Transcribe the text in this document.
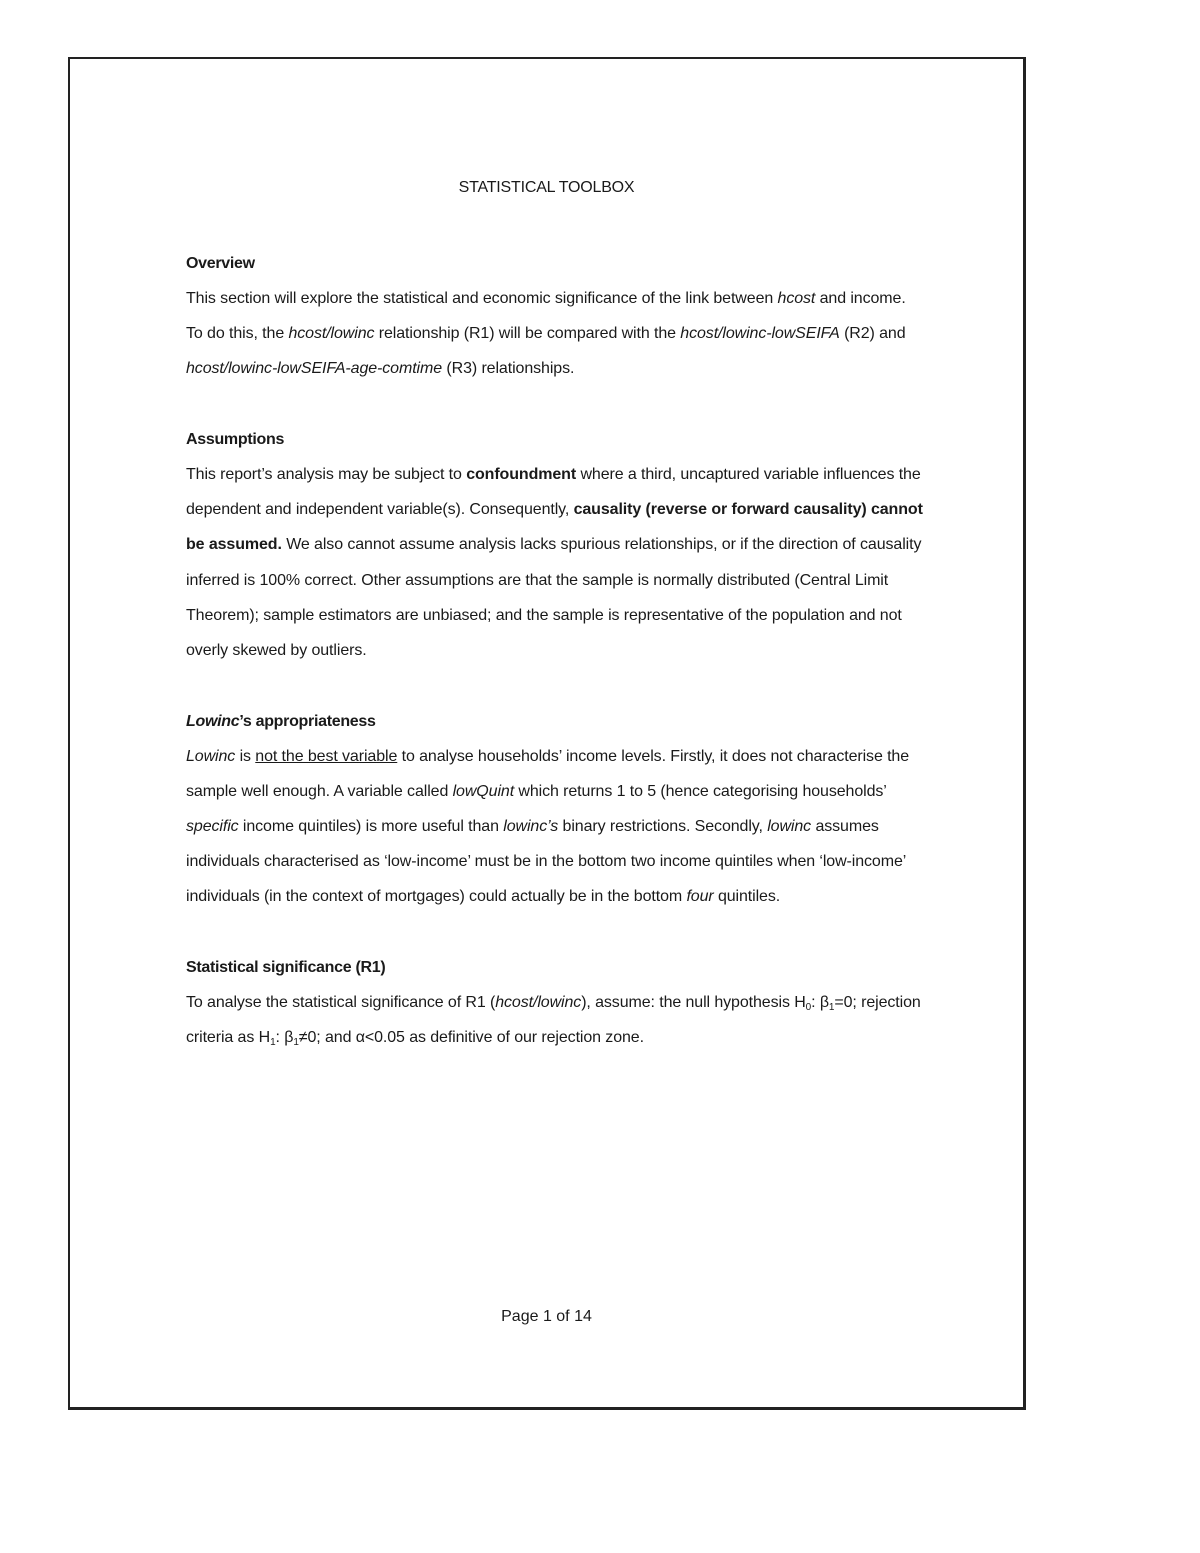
STATISTICAL TOOLBOX
Overview
This section will explore the statistical and economic significance of the link between hcost and income. To do this, the hcost/lowinc relationship (R1) will be compared with the hcost/lowinc-lowSEIFA (R2) and hcost/lowinc-lowSEIFA-age-comtime (R3) relationships.
Assumptions
This report’s analysis may be subject to confoundment where a third, uncaptured variable influences the dependent and independent variable(s). Consequently, causality (reverse or forward causality) cannot be assumed. We also cannot assume analysis lacks spurious relationships, or if the direction of causality inferred is 100% correct. Other assumptions are that the sample is normally distributed (Central Limit Theorem); sample estimators are unbiased; and the sample is representative of the population and not overly skewed by outliers.
Lowinc’s appropriateness
Lowinc is not the best variable to analyse households’ income levels. Firstly, it does not characterise the sample well enough. A variable called lowQuint which returns 1 to 5 (hence categorising households’ specific income quintiles) is more useful than lowinc’s binary restrictions. Secondly, lowinc assumes individuals characterised as ‘low-income’ must be in the bottom two income quintiles when ‘low-income’ individuals (in the context of mortgages) could actually be in the bottom four quintiles.
Statistical significance (R1)
To analyse the statistical significance of R1 (hcost/lowinc), assume: the null hypothesis $H_0$: $\beta_1=0$; rejection criteria as $H_1$: $\beta_1\ne 0$; and α<0.05 as definitive of our rejection zone.
Page 1 of 14
